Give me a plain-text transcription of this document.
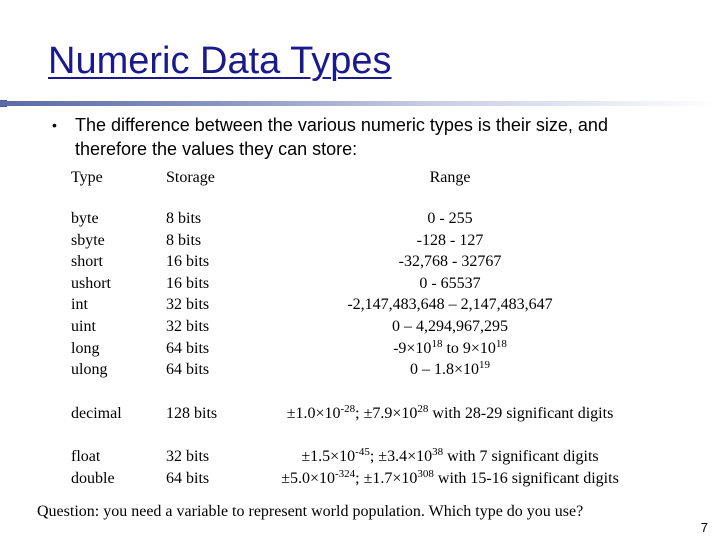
Numeric Data Types
• The difference between the various numeric types is their size, and therefore the values they can store:
Type	Storage	Range
byte	8 bits	0 - 255
sbyte	8 bits	-128 - 127
short	16 bits	-32,768 - 32767
ushort	16 bits	0 - 65537
int	32 bits	-2,147,483,648 – 2,147,483,647
uint	32 bits	0 – 4,294,967,295
long	64 bits	$-9\times 10^{18}$ to $9\times 10^{18}$
ulong	64 bits	$0 - 1.8\times 10^{19}$
decimal	128 bits	$\pm 1.0\times 10^{-28}$; $\pm 7.9\times 10^{28}$ with 28-29 significant digits
float	32 bits	$\pm 1.5\times 10^{-45}$; $\pm 3.4\times 10^{38}$ with 7 significant digits
double	64 bits	$\pm 5.0\times 10^{-324}$; $\pm 1.7\times 10^{308}$ with 15-16 significant digits
Question: you need a variable to represent world population. Which type do you use?
7
